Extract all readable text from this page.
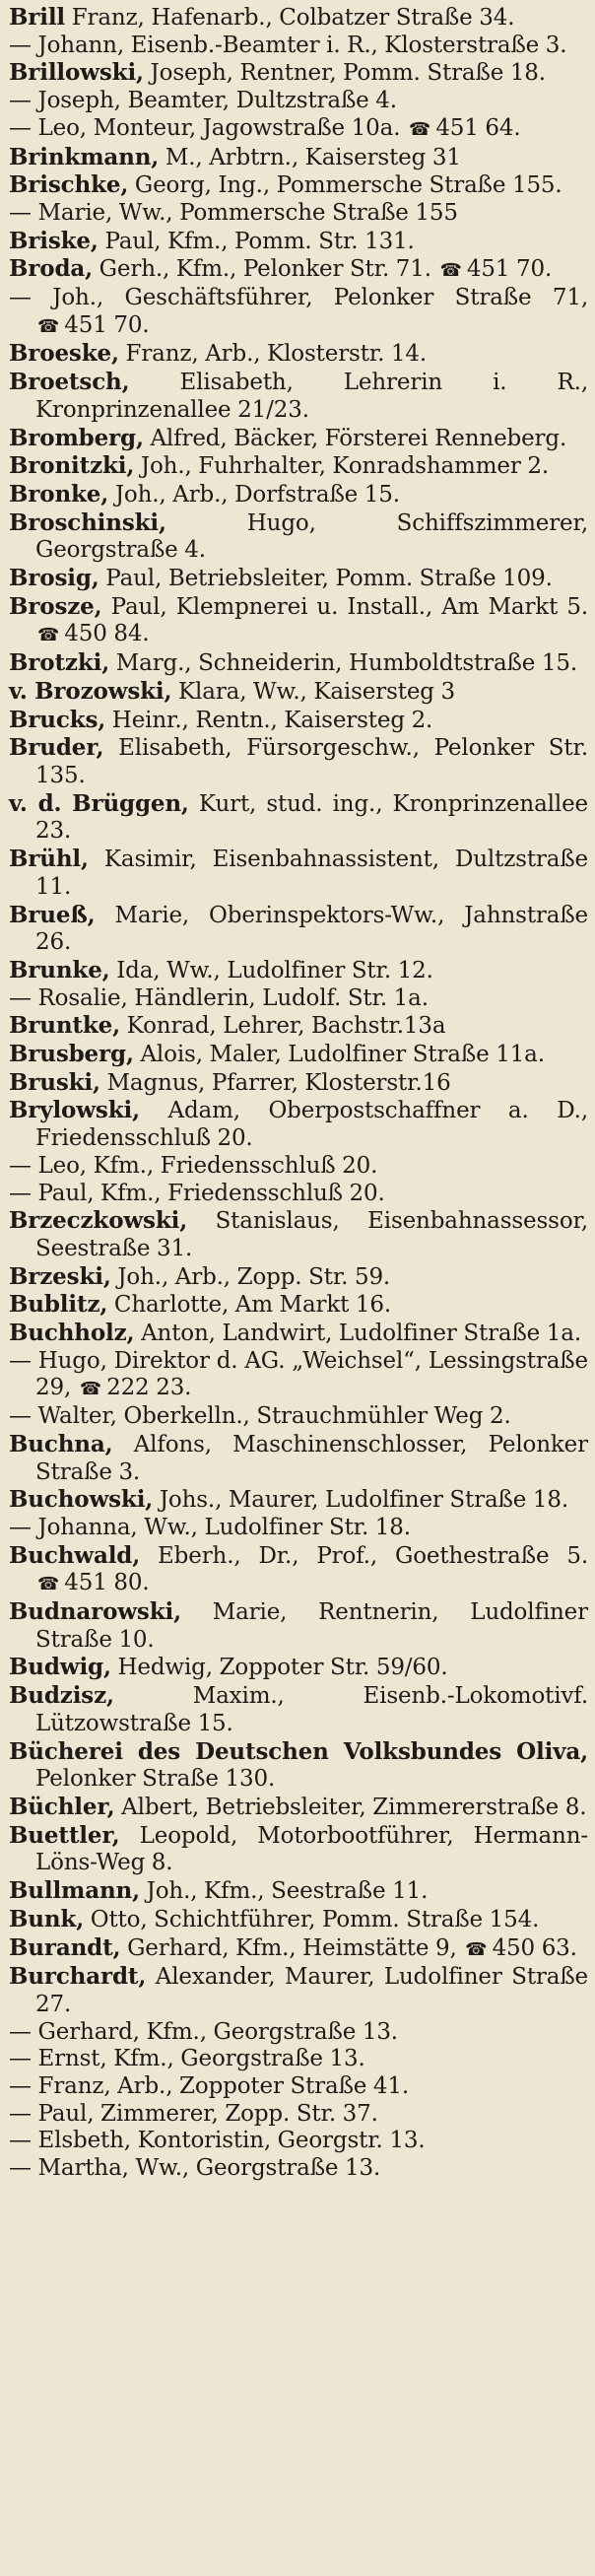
Brill Franz, Hafenarb., Colbatzer Straße 34.
— Johann, Eisenb.-Beamter i. R., Klosterstraße 3.
Brillowski, Joseph, Rentner, Pomm. Straße 18.
— Joseph, Beamter, Dultzstraße 4.
— Leo, Monteur, Jagowstraße 10a. ☎ 451 64.
Brinkmann, M., Arbtrn., Kaisersteg 31
Brischke, Georg, Ing., Pommersche Straße 155.
— Marie, Ww., Pommersche Straße 155
Briske, Paul, Kfm., Pomm. Str. 131.
Broda, Gerh., Kfm., Pelonker Str. 71. ☎ 451 70.
— Joh., Geschäftsführer, Pelonker Straße 71, ☎ 451 70.
Broeske, Franz, Arb., Klosterstr. 14.
Broetsch, Elisabeth, Lehrerin i. R., Kronprinzenallee 21/23.
Bromberg, Alfred, Bäcker, Försterei Renneberg.
Bronitzki, Joh., Fuhrhalter, Konradshammer 2.
Bronke, Joh., Arb., Dorfstraße 15.
Broschinski, Hugo, Schiffszimmerer, Georgstraße 4.
Brosig, Paul, Betriebsleiter, Pomm. Straße 109.
Brosze, Paul, Klempnerei u. Install., Am Markt 5. ☎ 450 84.
Brotzki, Marg., Schneiderin, Humboldtstraße 15.
v. Brozowski, Klara, Ww., Kaisersteg 3
Brucks, Heinr., Rentn., Kaisersteg 2.
Bruder, Elisabeth, Fürsorgeschw., Pelonker Str. 135.
v. d. Brüggen, Kurt, stud. ing., Kronprinzenallee 23.
Brühl, Kasimir, Eisenbahnassistent, Dultzstraße 11.
Brueß, Marie, Oberinspektors-Ww., Jahnstraße 26.
Brunke, Ida, Ww., Ludolfiner Str. 12.
— Rosalie, Händlerin, Ludolf. Str. 1a.
Bruntke, Konrad, Lehrer, Bachstr.13a
Brusberg, Alois, Maler, Ludolfiner Straße 11a.
Bruski, Magnus, Pfarrer, Klosterstr.16
Brylowski, Adam, Oberpostschaffner a. D., Friedensschluß 20.
— Leo, Kfm., Friedensschluß 20.
— Paul, Kfm., Friedensschluß 20.
Brzeczkowski, Stanislaus, Eisenbahnassessor, Seestraße 31.
Brzeski, Joh., Arb., Zopp. Str. 59.
Bublitz, Charlotte, Am Markt 16.
Buchholz, Anton, Landwirt, Ludolfiner Straße 1a.
— Hugo, Direktor d. AG. „Weichsel“, Lessingstraße 29, ☎ 222 23.
— Walter, Oberkelln., Strauchmühler Weg 2.
Buchna, Alfons, Maschinenschlosser, Pelonker Straße 3.
Buchowski, Johs., Maurer, Ludolfiner Straße 18.
— Johanna, Ww., Ludolfiner Str. 18.
Buchwald, Eberh., Dr., Prof., Goethestraße 5. ☎ 451 80.
Budnarowski, Marie, Rentnerin, Ludolfiner Straße 10.
Budwig, Hedwig, Zoppoter Str. 59/60.
Budzisz, Maxim., Eisenb.-Lokomotivf. Lützowstraße 15.
Bücherei des Deutschen Volksbundes Oliva, Pelonker Straße 130.
Büchler, Albert, Betriebsleiter, Zimmererstraße 8.
Buettler, Leopold, Motorbootführer, Hermann-Löns-Weg 8.
Bullmann, Joh., Kfm., Seestraße 11.
Bunk, Otto, Schichtführer, Pomm. Straße 154.
Burandt, Gerhard, Kfm., Heimstätte 9, ☎ 450 63.
Burchardt, Alexander, Maurer, Ludolfiner Straße 27.
— Gerhard, Kfm., Georgstraße 13.
— Ernst, Kfm., Georgstraße 13.
— Franz, Arb., Zoppoter Straße 41.
— Paul, Zimmerer, Zopp. Str. 37.
— Elsbeth, Kontoristin, Georgstr. 13.
— Martha, Ww., Georgstraße 13.
